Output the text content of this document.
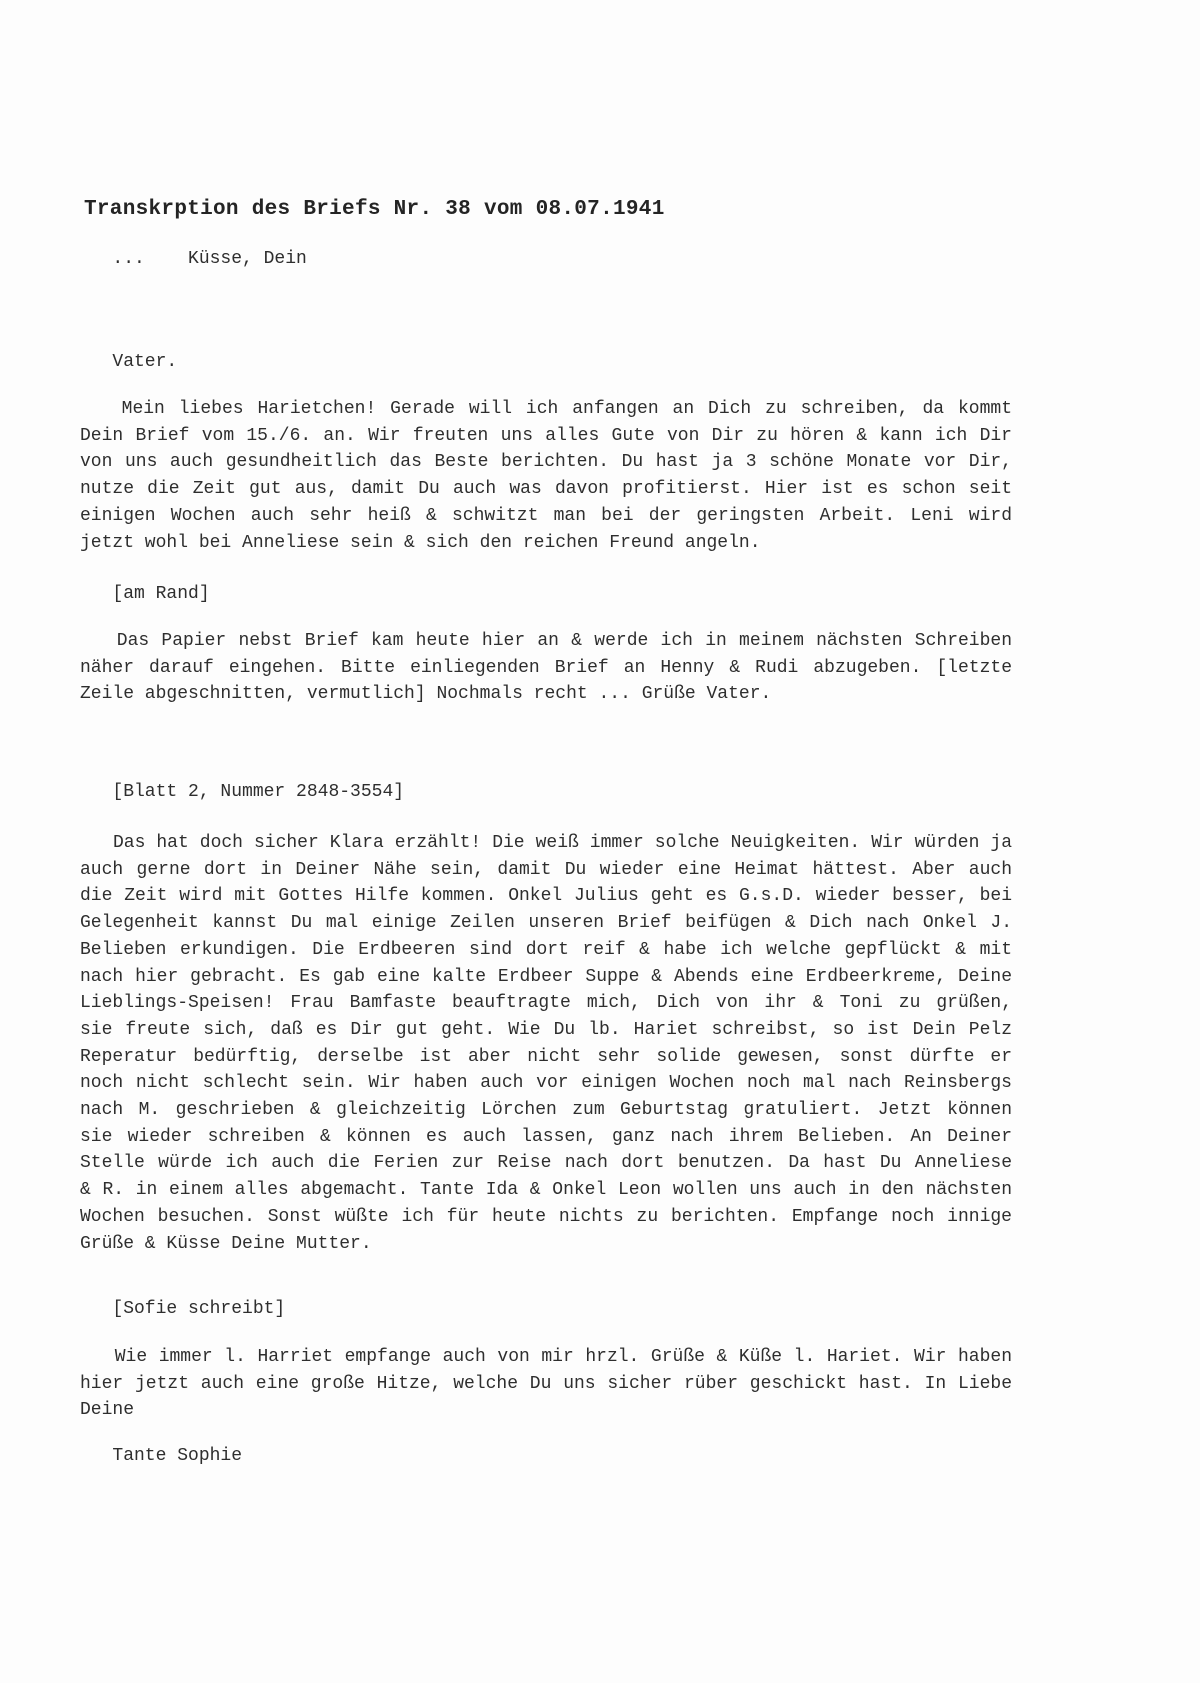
Transkrption des Briefs Nr. 38 vom 08.07.1941
...    Küsse, Dein
Vater.
Mein liebes Harietchen! Gerade will ich anfangen an Dich zu schreiben, da kommt
Dein Brief vom 15./6. an. Wir freuten uns alles Gute von Dir zu hören & kann ich Dir
von uns auch gesundheitlich das Beste berichten. Du hast ja 3 schöne Monate vor Dir,
nutze die Zeit gut aus, damit Du auch was davon profitierst. Hier ist es schon seit
einigen Wochen auch sehr heiß & schwitzt man bei der geringsten Arbeit. Leni wird
jetzt wohl bei Anneliese sein & sich den reichen Freund angeln.
[am Rand]
Das Papier nebst Brief kam heute hier an & werde ich in meinem nächsten Schreiben
näher darauf eingehen. Bitte einliegenden Brief an Henny & Rudi abzugeben. [letzte
Zeile abgeschnitten, vermutlich] Nochmals recht ... Grüße Vater.
[Blatt 2, Nummer 2848-3554]
Das hat doch sicher Klara erzählt! Die weiß immer solche Neuigkeiten. Wir würden ja
auch gerne dort in Deiner Nähe sein, damit Du wieder eine Heimat hättest. Aber auch
die Zeit wird mit Gottes Hilfe kommen. Onkel Julius geht es G.s.D. wieder besser, bei
Gelegenheit kannst Du mal einige Zeilen unseren Brief beifügen & Dich nach Onkel J.
Belieben erkundigen. Die Erdbeeren sind dort reif & habe ich welche gepflückt & mit
nach hier gebracht. Es gab eine kalte Erdbeer Suppe & Abends eine Erdbeerkreme, Deine
Lieblings-Speisen! Frau Bamfaste beauftragte mich, Dich von ihr & Toni zu grüßen,
sie freute sich, daß es Dir gut geht. Wie Du lb. Hariet schreibst, so ist Dein Pelz
Reperatur bedürftig, derselbe ist aber nicht sehr solide gewesen, sonst dürfte er
noch nicht schlecht sein. Wir haben auch vor einigen Wochen noch mal nach Reinsbergs
nach M. geschrieben & gleichzeitig Lörchen zum Geburtstag gratuliert. Jetzt können
sie wieder schreiben & können es auch lassen, ganz nach ihrem Belieben. An Deiner
Stelle würde ich auch die Ferien zur Reise nach dort benutzen. Da hast Du Anneliese
& R. in einem alles abgemacht. Tante Ida & Onkel Leon wollen uns auch in den nächsten
Wochen besuchen. Sonst wüßte ich für heute nichts zu berichten. Empfange noch innige
Grüße & Küsse Deine Mutter.
[Sofie schreibt]
Wie immer l. Harriet empfange auch von mir hrzl. Grüße & Küße l. Hariet. Wir haben
hier jetzt auch eine große Hitze, welche Du uns sicher rüber geschickt hast. In Liebe
Deine
Tante Sophie
